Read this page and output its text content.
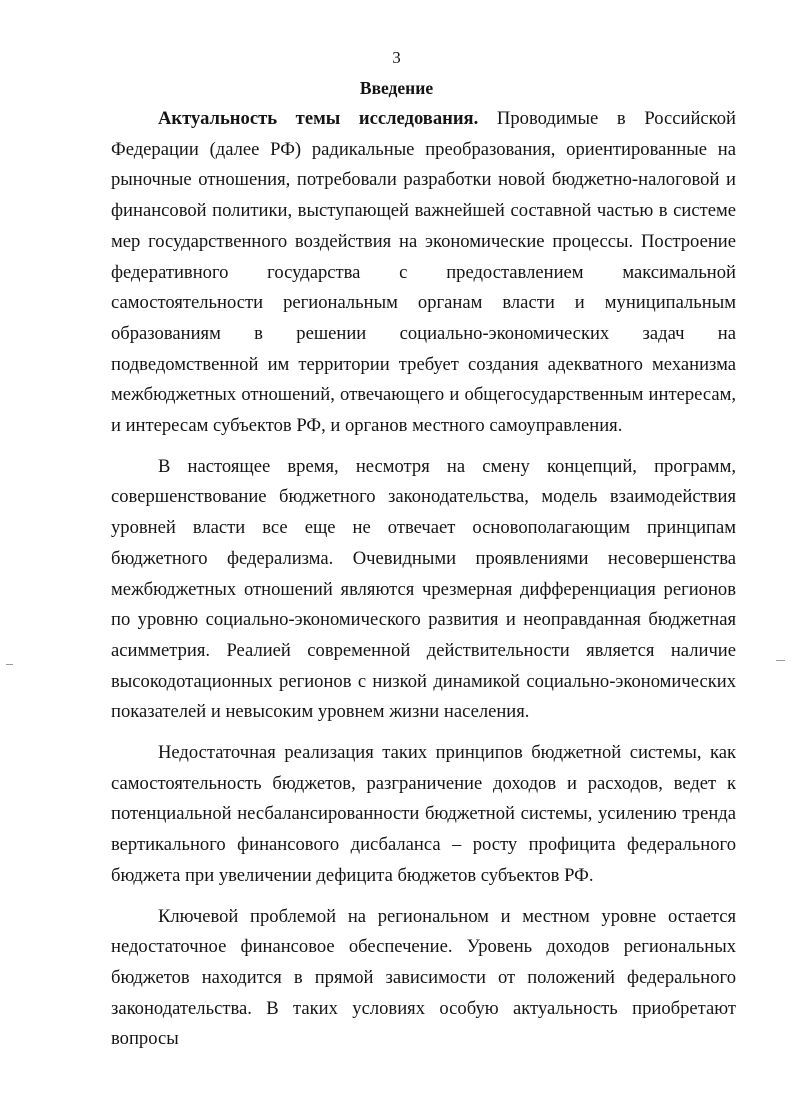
3
Введение

Актуальность темы исследования. Проводимые в Российской Федерации (далее РФ) радикальные преобразования, ориентированные на рыночные отношения, потребовали разработки новой бюджетно-налоговой и финансовой политики, выступающей важнейшей составной частью в системе мер государственного воздействия на экономические процессы. Построение федеративного государства с предоставлением максимальной самостоятельности региональным органам власти и муниципальным образованиям в решении социально-экономических задач на подведомственной им территории требует создания адекватного механизма межбюджетных отношений, отвечающего и общегосударственным интересам, и интересам субъектов РФ, и органов местного самоуправления.

В настоящее время, несмотря на смену концепций, программ, совершенствование бюджетного законодательства, модель взаимодействия уровней власти все еще не отвечает основополагающим принципам бюджетного федерализма. Очевидными проявлениями несовершенства межбюджетных отношений являются чрезмерная дифференциация регионов по уровню социально-экономического развития и неоправданная бюджетная асимметрия. Реалией современной действительности является наличие высокодотационных регионов с низкой динамикой социально-экономических показателей и невысоким уровнем жизни населения.

Недостаточная реализация таких принципов бюджетной системы, как самостоятельность бюджетов, разграничение доходов и расходов, ведет к потенциальной несбалансированности бюджетной системы, усилению тренда вертикального финансового дисбаланса – росту профицита федерального бюджета при увеличении дефицита бюджетов субъектов РФ.

Ключевой проблемой на региональном и местном уровне остается недостаточное финансовое обеспечение. Уровень доходов региональных бюджетов находится в прямой зависимости от положений федерального законодательства. В таких условиях особую актуальность приобретают вопросы
